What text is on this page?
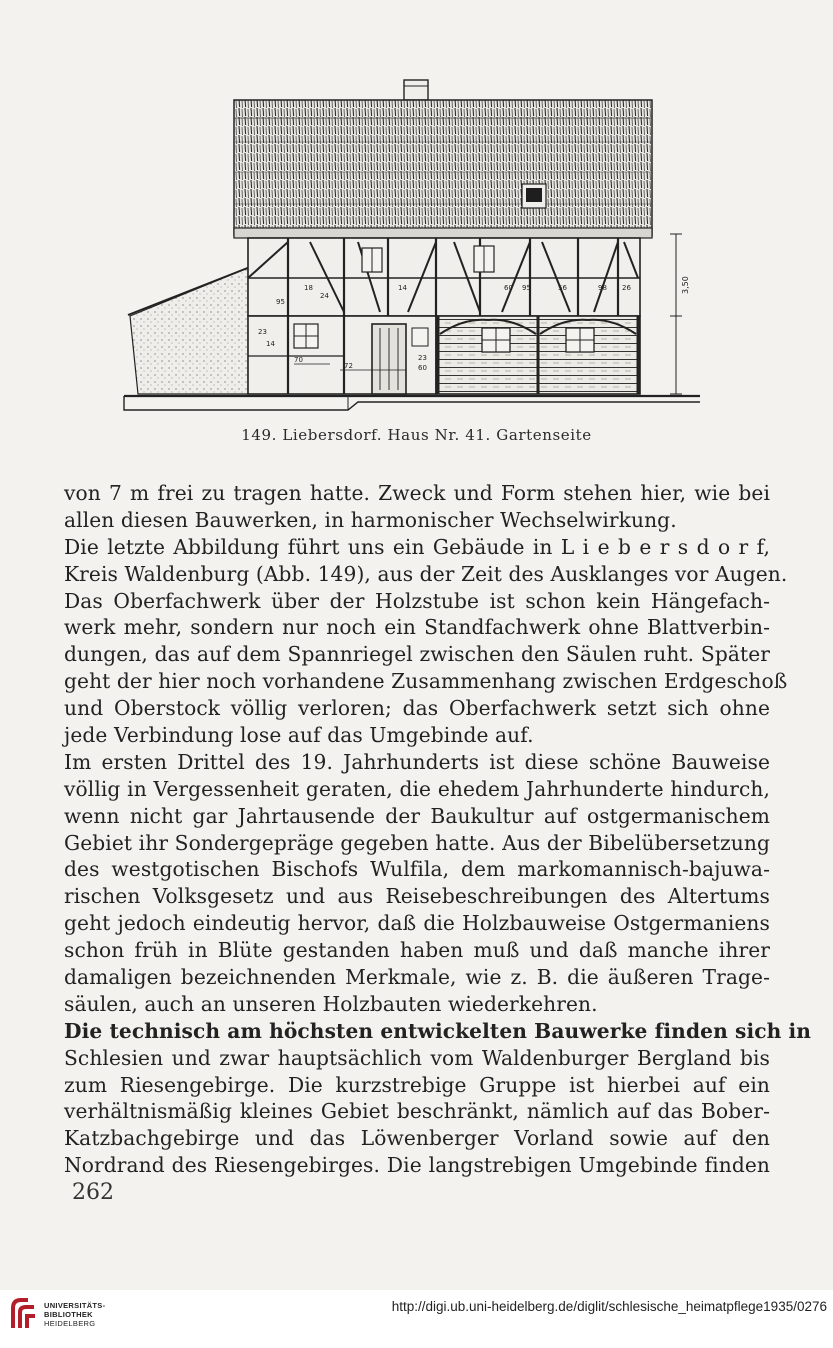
95
18
24
14	60 95	56	98 26
23
14
70
72
23
60
3,50
149. Liebersdorf. Haus Nr. 41. Gartenseite
von 7 m frei zu tragen hatte. Zweck und Form stehen hier, wie bei
allen diesen Bauwerken, in harmonischer Wechselwirkung.
Die letzte Abbildung führt uns ein Gebäude in L i e b e r s d o r f,
Kreis Waldenburg (Abb. 149), aus der Zeit des Ausklanges vor Augen.
Das Oberfachwerk über der Holzstube ist schon kein Hängefach-
werk mehr, sondern nur noch ein Standfachwerk ohne Blattverbin-
dungen, das auf dem Spannriegel zwischen den Säulen ruht. Später
geht der hier noch vorhandene Zusammenhang zwischen Erdgeschoß
und Oberstock völlig verloren; das Oberfachwerk setzt sich ohne
jede Verbindung lose auf das Umgebinde auf.
Im ersten Drittel des 19. Jahrhunderts ist diese schöne Bauweise
völlig in Vergessenheit geraten, die ehedem Jahrhunderte hindurch,
wenn nicht gar Jahrtausende der Baukultur auf ostgermanischem
Gebiet ihr Sondergepräge gegeben hatte. Aus der Bibelübersetzung
des westgotischen Bischofs Wulfila, dem markomannisch-bajuwa-
rischen Volksgesetz und aus Reisebeschreibungen des Altertums
geht jedoch eindeutig hervor, daß die Holzbauweise Ostgermaniens
schon früh in Blüte gestanden haben muß und daß manche ihrer
damaligen bezeichnenden Merkmale, wie z. B. die äußeren Trage-
säulen, auch an unseren Holzbauten wiederkehren.
Die technisch am höchsten entwickelten Bauwerke finden sich in
Schlesien und zwar hauptsächlich vom Waldenburger Bergland bis
zum Riesengebirge. Die kurzstrebige Gruppe ist hierbei auf ein
verhältnismäßig kleines Gebiet beschränkt, nämlich auf das Bober-
Katzbachgebirge und das Löwenberger Vorland sowie auf den
Nordrand des Riesengebirges. Die langstrebigen Umgebinde finden
262
UNIVERSITÄTS-
BIBLIOTHEK
HEIDELBERG
http://digi.ub.uni-heidelberg.de/diglit/schlesische_heimatpflege1935/0276
